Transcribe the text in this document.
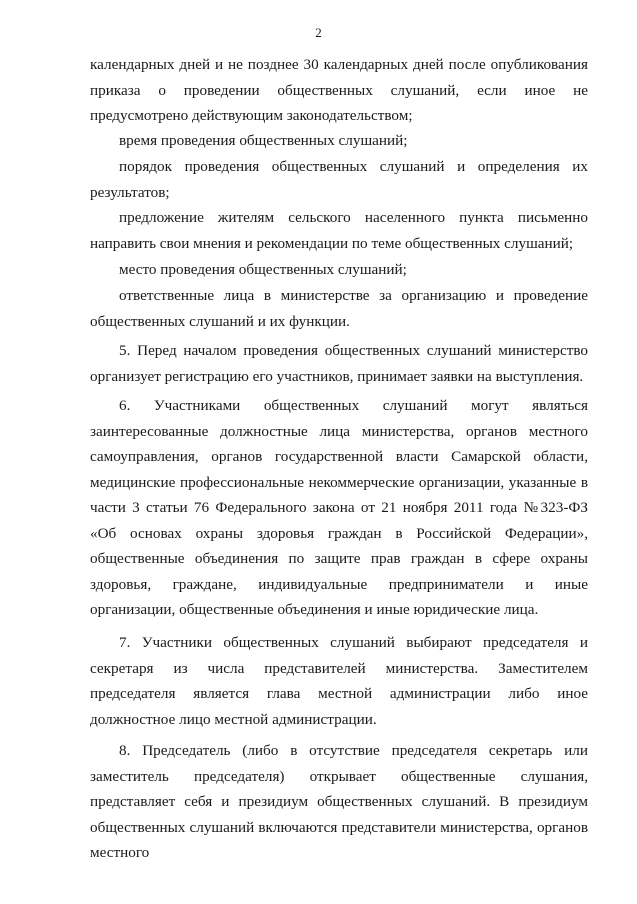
2

календарных дней и не позднее 30 календарных дней после опубликования приказа о проведении общественных слушаний, если иное не предусмотрено действующим законодательством;

время проведения общественных слушаний;

порядок проведения общественных слушаний и определения их результатов;

предложение жителям сельского населенного пункта письменно направить свои мнения и рекомендации по теме общественных слушаний;

место проведения общественных слушаний;

ответственные лица в министерстве за организацию и проведение общественных слушаний и их функции.

5. Перед началом проведения общественных слушаний министерство организует регистрацию его участников, принимает заявки на выступления.

6. Участниками общественных слушаний могут являться заинтересованные должностные лица министерства, органов местного самоуправления, органов государственной власти Самарской области, медицинские профессиональные некоммерческие организации, указанные в части 3 статьи 76 Федерального закона от 21 ноября 2011 года №323-ФЗ «Об основах охраны здоровья граждан в Российской Федерации», общественные объединения по защите прав граждан в сфере охраны здоровья, граждане, индивидуальные предприниматели и иные организации, общественные объединения и иные юридические лица.

7. Участники общественных слушаний выбирают председателя и секретаря из числа представителей министерства. Заместителем председателя является глава местной администрации либо иное должностное лицо местной администрации.

8. Председатель (либо в отсутствие председателя секретарь или заместитель председателя) открывает общественные слушания, представляет себя и президиум общественных слушаний. В президиум общественных слушаний включаются представители министерства, органов местного
